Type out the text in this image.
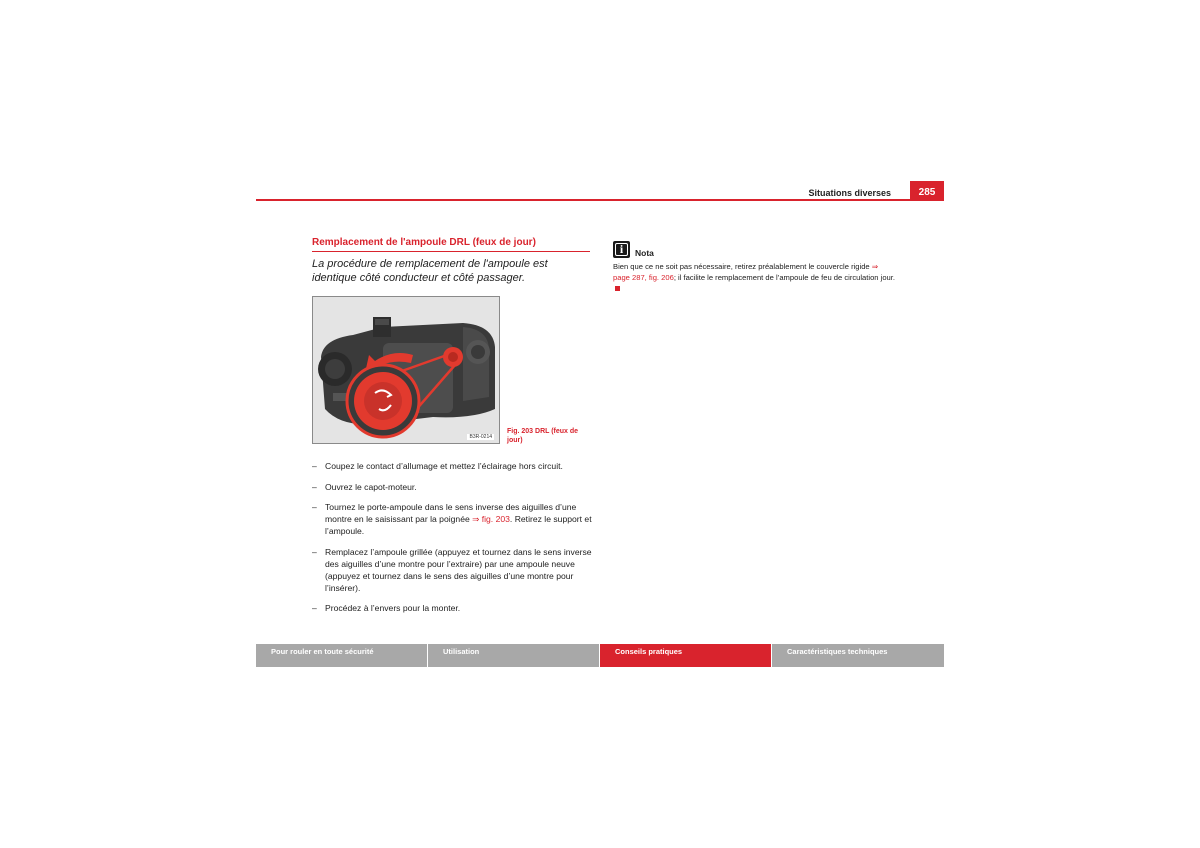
Situations diverses	285
Remplacement de l'ampoule DRL (feux de jour)
La procédure de remplacement de l'ampoule est identique côté conducteur et côté passager.
B3R-0214
Fig. 203 DRL (feux de jour)
– Coupez le contact d’allumage et mettez l’éclairage hors circuit.
– Ouvrez le capot-moteur.
– Tournez le porte-ampoule dans le sens inverse des aiguilles d’une montre en le saisissant par la poignée ⇒ fig. 203. Retirez le support et l’ampoule.
– Remplacez l’ampoule grillée (appuyez et tournez dans le sens inverse des aiguilles d’une montre pour l’extraire) par une ampoule neuve (appuyez et tournez dans le sens des aiguilles d’une montre pour l’insérer).
– Procédez à l’envers pour la monter.
i	Nota
Bien que ce ne soit pas nécessaire, retirez préalablement le couvercle rigide ⇒ page 287, fig. 206; il facilite le remplacement de l’ampoule de feu de circulation jour.
Pour rouler en toute sécurité	Utilisation	Conseils pratiques	Caractéristiques techniques
